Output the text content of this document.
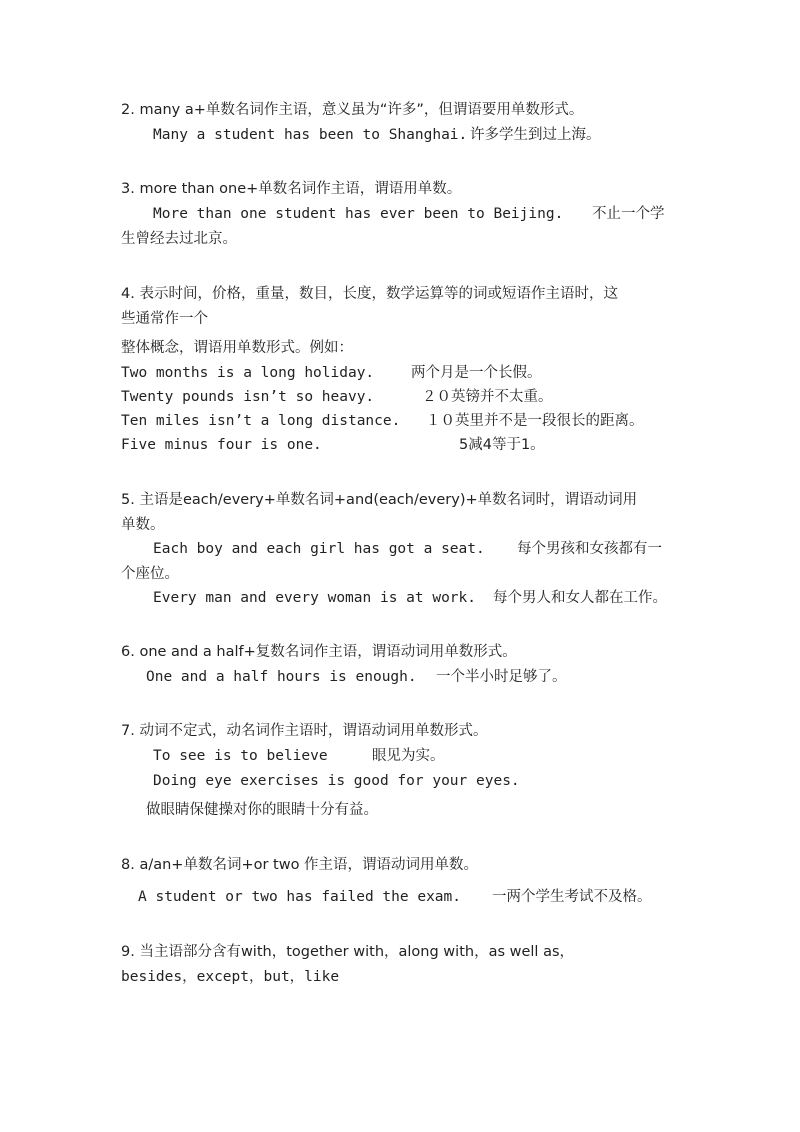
2. many a+单数名词作主语，意义虽为“许多”，但谓语要用单数形式。
Many a student has been to Shanghai. 许多学生到过上海。
3. more than one+单数名词作主语，谓语用单数。
More than one student has ever been to Beijing. 不止一个学
生曾经去过北京。
4. 表示时间，价格，重量，数目，长度，数学运算等的词或短语作主语时，这
些通常作一个
整体概念，谓语用单数形式。例如：
Two months is a long holiday.	两个月是一个长假。
Twenty pounds isn’t so heavy.	２０英镑并不太重。
Ten miles isn’t a long distance. １０英里并不是一段很长的距离。
Five minus four is one.	5减4等于1。
5. 主语是each/every+单数名词+and(each/every)+单数名词时，谓语动词用
单数。
Each boy and each girl has got a seat. 每个男孩和女孩都有一
个座位。
Every man and every woman is at work. 每个男人和女人都在工作。
6. one and a half+复数名词作主语，谓语动词用单数形式。
One and a half hours is enough. 一个半小时足够了。
7. 动词不定式，动名词作主语时，谓语动词用单数形式。
To see is to believe	眼见为实。
Doing eye exercises is good for your eyes.
做眼睛保健操对你的眼睛十分有益。
8. a/an+单数名词+or two 作主语，谓语动词用单数。
A student or two has failed the exam. 一两个学生考试不及格。
9. 当主语部分含有with，together with，along with，as well as，
besides，except，but，like
